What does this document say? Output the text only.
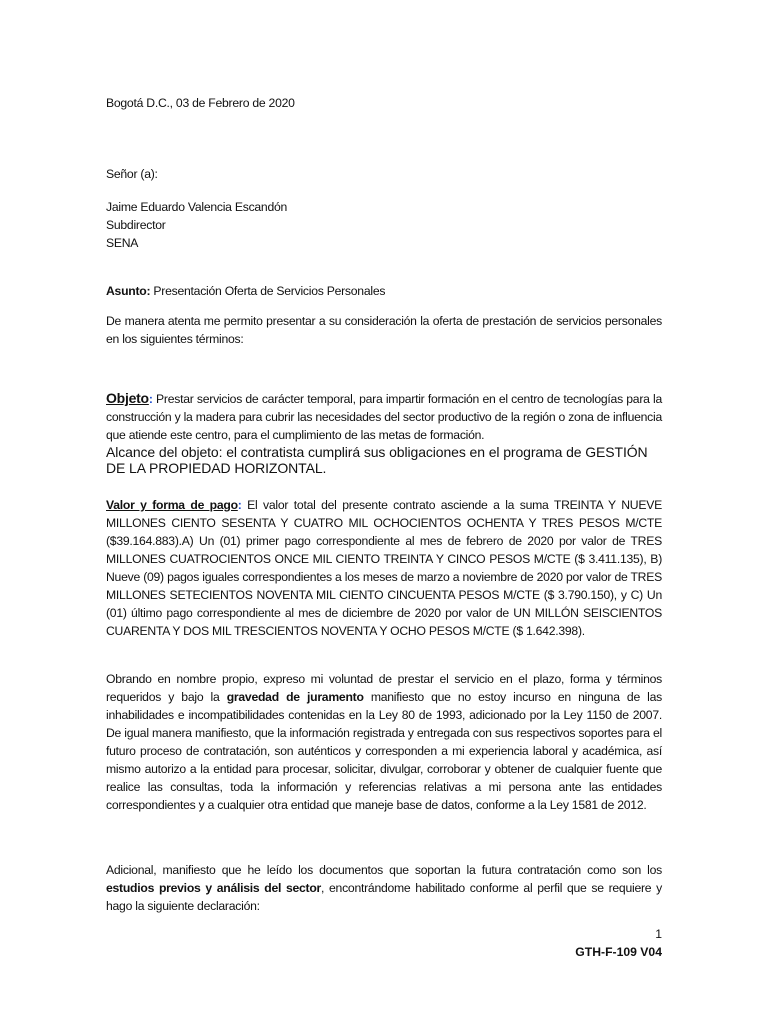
Bogotá D.C., 03 de Febrero de 2020
Señor (a):
Jaime Eduardo Valencia Escandón
Subdirector
SENA
Asunto: Presentación Oferta de Servicios Personales
De manera atenta me permito presentar a su consideración la oferta de prestación de servicios personales en los siguientes términos:
Objeto: Prestar servicios de carácter temporal, para impartir formación en el centro de tecnologías para la construcción y la madera para cubrir las necesidades del sector productivo de la región o zona de influencia que atiende este centro, para el cumplimiento de las metas de formación.
Alcance del objeto: el contratista cumplirá sus obligaciones en el programa de GESTIÓN DE LA PROPIEDAD HORIZONTAL.
Valor y forma de pago: El valor total del presente contrato asciende a la suma TREINTA Y NUEVE MILLONES CIENTO SESENTA Y CUATRO MIL OCHOCIENTOS OCHENTA Y TRES PESOS M/CTE ($39.164.883).A) Un (01) primer pago correspondiente al mes de febrero de 2020 por valor de TRES MILLONES CUATROCIENTOS ONCE MIL CIENTO TREINTA Y CINCO PESOS M/CTE ($ 3.411.135), B) Nueve (09) pagos iguales correspondientes a los meses de marzo a noviembre de 2020 por valor de TRES MILLONES SETECIENTOS NOVENTA MIL CIENTO CINCUENTA PESOS M/CTE ($ 3.790.150), y C) Un (01) último pago correspondiente al mes de diciembre de 2020 por valor de UN MILLÓN SEISCIENTOS CUARENTA Y DOS MIL TRESCIENTOS NOVENTA Y OCHO PESOS M/CTE ($ 1.642.398).
Obrando en nombre propio, expreso mi voluntad de prestar el servicio en el plazo, forma y términos requeridos y bajo la gravedad de juramento manifiesto que no estoy incurso en ninguna de las inhabilidades e incompatibilidades contenidas en la Ley 80 de 1993, adicionado por la Ley 1150 de 2007. De igual manera manifiesto, que la información registrada y entregada con sus respectivos soportes para el futuro proceso de contratación, son auténticos y corresponden a mi experiencia laboral y académica, así mismo autorizo a la entidad para procesar, solicitar, divulgar, corroborar y obtener de cualquier fuente que realice las consultas, toda la información y referencias relativas a mi persona ante las entidades correspondientes y a cualquier otra entidad que maneje base de datos, conforme a la Ley 1581 de 2012.
Adicional, manifiesto que he leído los documentos que soportan la futura contratación como son los estudios previos y análisis del sector, encontrándome habilitado conforme al perfil que se requiere y hago la siguiente declaración:
1
GTH-F-109 V04
